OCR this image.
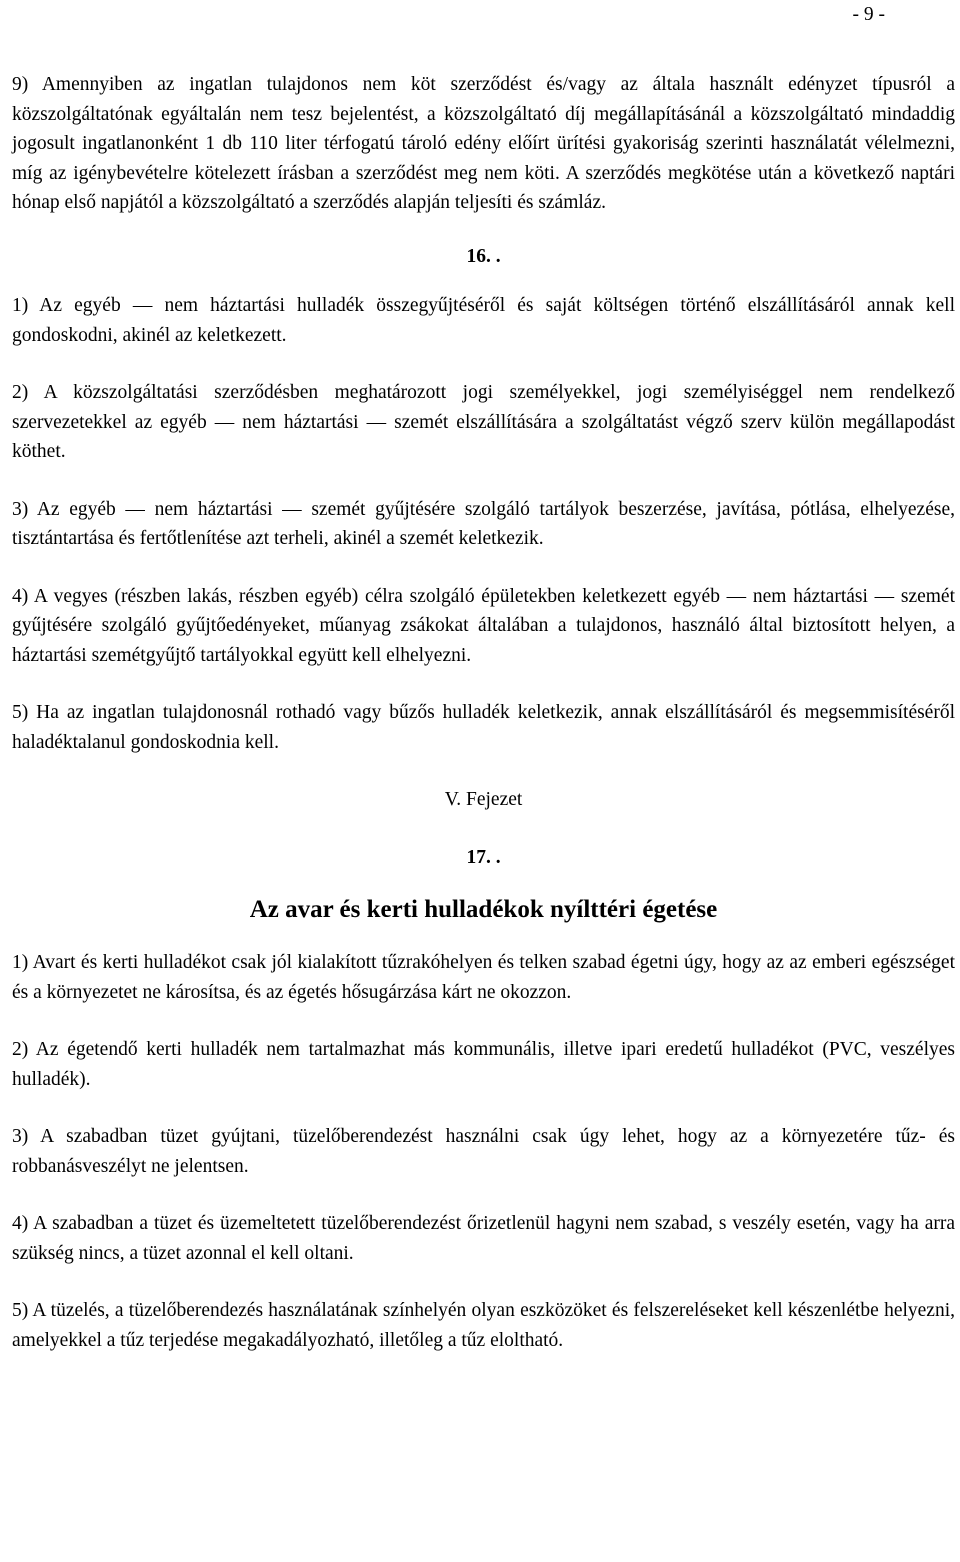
- 9 -

9) Amennyiben az ingatlan tulajdonos nem köt szerződést és/vagy az általa használt edényzet típusról a közszolgáltatónak egyáltalán nem tesz bejelentést, a közszolgáltató díj megállapításánál a közszolgáltató mindaddig jogosult ingatlanonként 1 db 110 liter térfogatú tároló edény előírt ürítési gyakoriság szerinti használatát vélelmezni, míg az igénybevételre kötelezett írásban a szerződést meg nem köti. A szerződés megkötése után a következő naptári hónap első napjától a közszolgáltató a szerződés alapján teljesíti és számláz.

16. .

1) Az egyéb — nem háztartási hulladék összegyűjtéséről és saját költségen történő elszállításáról annak kell gondoskodni, akinél az keletkezett.

2) A közszolgáltatási szerződésben meghatározott jogi személyekkel, jogi személyiséggel nem rendelkező szervezetekkel az egyéb — nem háztartási — szemét elszállítására a szolgáltatást végző szerv külön megállapodást köthet.

3) Az egyéb — nem háztartási — szemét gyűjtésére szolgáló tartályok beszerzése, javítása, pótlása, elhelyezése, tisztántartása és fertőtlenítése azt terheli, akinél a szemét keletkezik.

4) A vegyes (részben lakás, részben egyéb) célra szolgáló épületekben keletkezett egyéb — nem háztartási — szemét gyűjtésére szolgáló gyűjtőedényeket, műanyag zsákokat általában a tulajdonos, használó által biztosított helyen, a háztartási szemétgyűjtő tartályokkal együtt kell elhelyezni.

5) Ha az ingatlan tulajdonosnál rothadó vagy bűzős hulladék keletkezik, annak elszállításáról és megsemmisítéséről haladéktalanul gondoskodnia kell.

V. Fejezet

17. .

Az avar és kerti hulladékok nyílttéri égetése

1) Avart és kerti hulladékot csak jól kialakított tűzrakóhelyen és telken szabad égetni úgy, hogy az az emberi egészséget és a környezetet ne károsítsa, és az égetés hősugárzása kárt ne okozzon.

2) Az égetendő kerti hulladék nem tartalmazhat más kommunális, illetve ipari eredetű hulladékot (PVC, veszélyes hulladék).

3) A szabadban tüzet gyújtani, tüzelőberendezést használni csak úgy lehet, hogy az a környezetére tűz- és robbanásveszélyt ne jelentsen.

4) A szabadban a tüzet és üzemeltetett tüzelőberendezést őrizetlenül hagyni nem szabad, s veszély esetén, vagy ha arra szükség nincs, a tüzet azonnal el kell oltani.

5) A tüzelés, a tüzelőberendezés használatának színhelyén olyan eszközöket és felszereléseket kell készenlétbe helyezni, amelyekkel a tűz terjedése megakadályozható, illetőleg a tűz eloltható.
